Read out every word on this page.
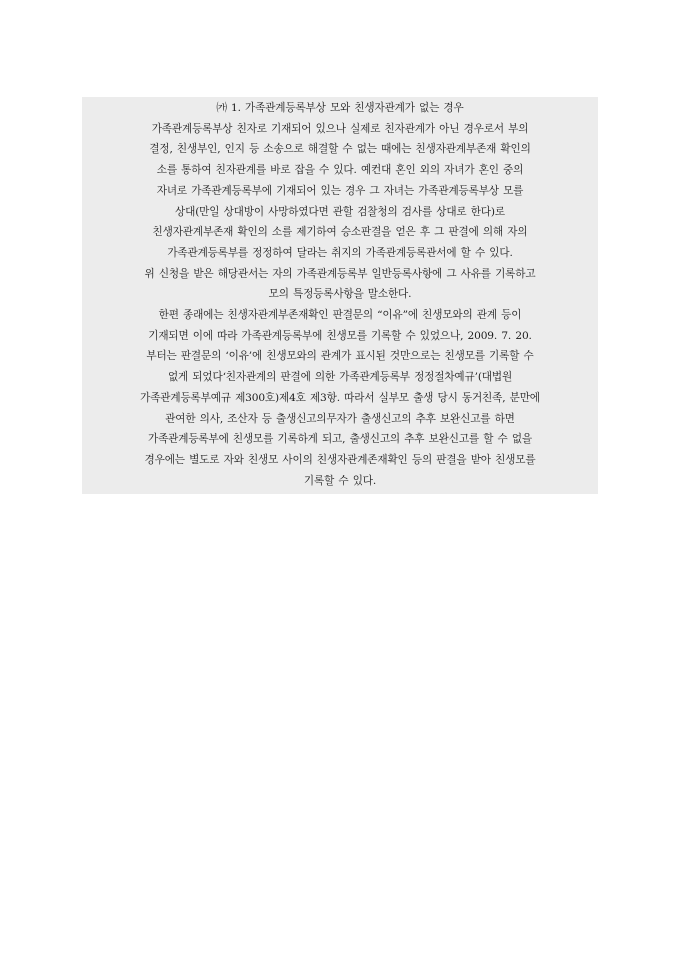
㈎ 1. 가족관계등록부상 모와 친생자관계가 없는 경우
가족관계등록부상 친자로 기재되어 있으나 실제로 친자관계가 아닌 경우로서 부의
결정, 친생부인, 인지 등 소송으로 해결할 수 없는 때에는 친생자관계부존재 확인의
소를 통하여 친자관계를 바로 잡을 수 있다. 예컨대 혼인 외의 자녀가 혼인 중의
자녀로 가족관계등록부에 기재되어 있는 경우 그 자녀는 가족관계등록부상 모를
상대(만일 상대방이 사망하였다면 관할 검찰청의 검사를 상대로 한다)로
친생자관계부존재 확인의 소를 제기하여 승소판결을 얻은 후 그 판결에 의해 자의
가족관계등록부를 정정하여 달라는 취지의 가족관계등록관서에 할 수 있다.
위 신청을 받은 해당관서는 자의 가족관계등록부 일반등록사항에 그 사유를 기록하고
모의 특정등록사항을 말소한다.
한편 종래에는 친생자관계부존재확인 판결문의 “이유”에 친생모와의 관계 등이
기재되면 이에 따라 가족관계등록부에 친생모를 기록할 수 있었으나, 2009. 7. 20.
부터는 판결문의 ‘이유’에 친생모와의 관계가 표시된 것만으로는 친생모를 기록할 수
없게 되었다‘친자관계의 판결에 의한 가족관계등록부 정정절차예규’(대법원
가족관계등록부예규 제300호)제4호 제3항. 따라서 실부모 출생 당시 동거친족, 분만에
관여한 의사, 조산자 등 출생신고의무자가 출생신고의 추후 보완신고를 하면
가족관계등록부에 친생모를 기록하게 되고, 출생신고의 추후 보완신고를 할 수 없을
경우에는 별도로 자와 친생모 사이의 친생자관계존재확인 등의 판결을 받아 친생모를
기록할 수 있다.
